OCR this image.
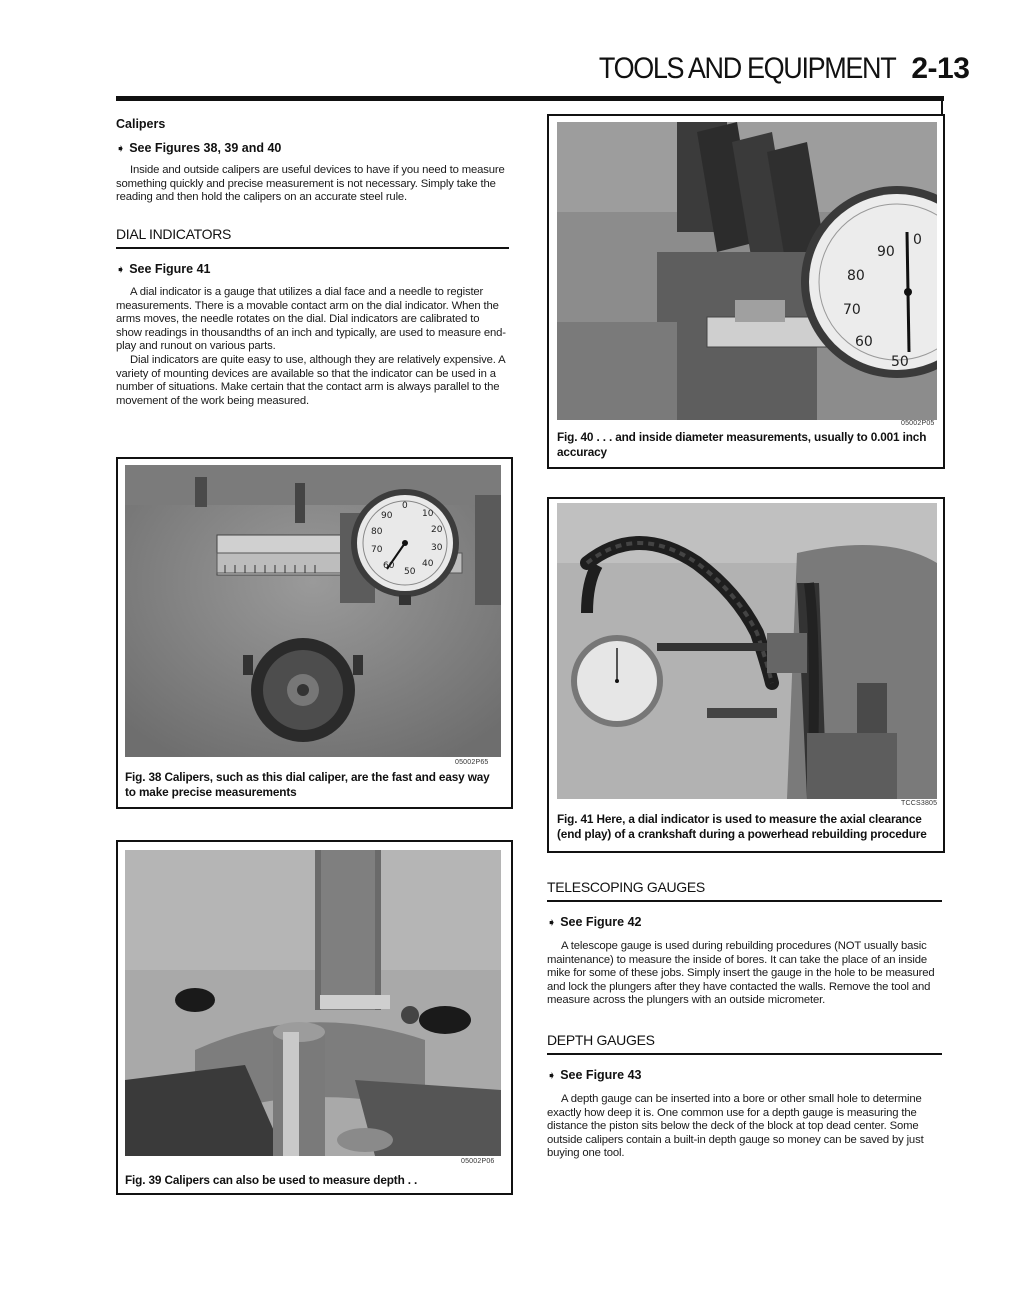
TOOLS AND EQUIPMENT 2-13
Calipers
➧ See Figures 38, 39 and 40

Inside and outside calipers are useful devices to have if you need to measure something quickly and precise measurement is not necessary. Simply take the reading and then hold the calipers on an accurate steel rule.

DIAL INDICATORS
➧ See Figure 41

A dial indicator is a gauge that utilizes a dial face and a needle to register measurements. There is a movable contact arm on the dial indicator. When the arms moves, the needle rotates on the dial. Dial indicators are calibrated to show readings in thousandths of an inch and typically, are used to measure end-play and runout on various parts.

Dial indicators are quite easy to use, although they are relatively expensive. A variety of mounting devices are available so that the indicator can be used in a number of situations. Make certain that the contact arm is always parallel to the movement of the work being measured.

0
10
20
30
40
50
60
70
80
90
05002P65
Fig. 38 Calipers, such as this dial caliper, are the fast and easy way to make precise measurements
05002P06
Fig. 39 Calipers can also be used to measure depth . .
0
90
80
70
60
50
05002P05
Fig. 40 . . . and inside diameter measurements, usually to 0.001 inch accuracy
TCCS3805
Fig. 41 Here, a dial indicator is used to measure the axial clearance (end play) of a crankshaft during a powerhead rebuilding procedure
TELESCOPING GAUGES
➧ See Figure 42

A telescope gauge is used during rebuilding procedures (NOT usually basic maintenance) to measure the inside of bores. It can take the place of an inside mike for some of these jobs. Simply insert the gauge in the hole to be measured and lock the plungers after they have contacted the walls. Remove the tool and measure across the plungers with an outside micrometer.

DEPTH GAUGES
➧ See Figure 43

A depth gauge can be inserted into a bore or other small hole to determine exactly how deep it is. One common use for a depth gauge is measuring the distance the piston sits below the deck of the block at top dead center. Some outside calipers contain a built-in depth gauge so money can be saved by just buying one tool.
